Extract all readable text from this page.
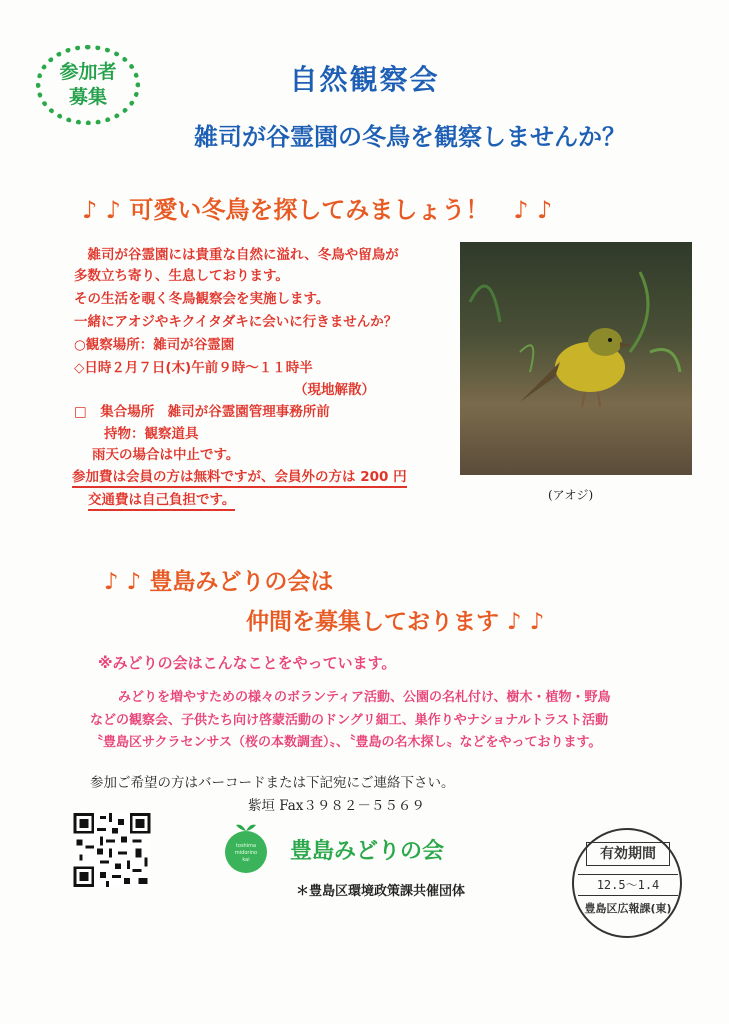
参加者
募集
自然観察会
雑司が谷霊園の冬鳥を観察しませんか？
♪ ♪ 可愛い冬鳥を探してみましょう！　♪ ♪
　雑司が谷霊園には貴重な自然に溢れ、冬鳥や留鳥が
多数立ち寄り、生息しております。
その生活を覗く冬鳥観察会を実施します。
一緒にアオジやキクイタダキに会いに行きませんか？
○観察場所：雑司が谷霊園
◇日時２月７日(木)午前９時～１１時半
（現地解散）
□　集合場所　雑司が谷霊園管理事務所前
持物：観察道具
雨天の場合は中止です。
参加費は会員の方は無料ですが、会員外の方は 200 円
交通費は自己負担です。	(アオジ)
♪ ♪ 豊島みどりの会は
仲間を募集しております ♪ ♪
※みどりの会はこんなことをやっています。
みどりを増やすための様々のボランティア活動、公園の名札付け、樹木・植物・野鳥
などの観察会、子供たち向け啓蒙活動のドングリ細工、巣作りやナショナルトラスト活動
〝豊島区サクラセンサス（桜の本数調査）〟、〝豊島の名木探し〟などをやっております。
参加ご希望の方はバーコードまたは下記宛にご連絡下さい。
紫垣 Fax３９８２－５５６９
toshima
midorino
kai	豊島みどりの会
＊豊島区環境政策課共催団体
有効期間
12.5～1.4
豊島区広報課(東)
